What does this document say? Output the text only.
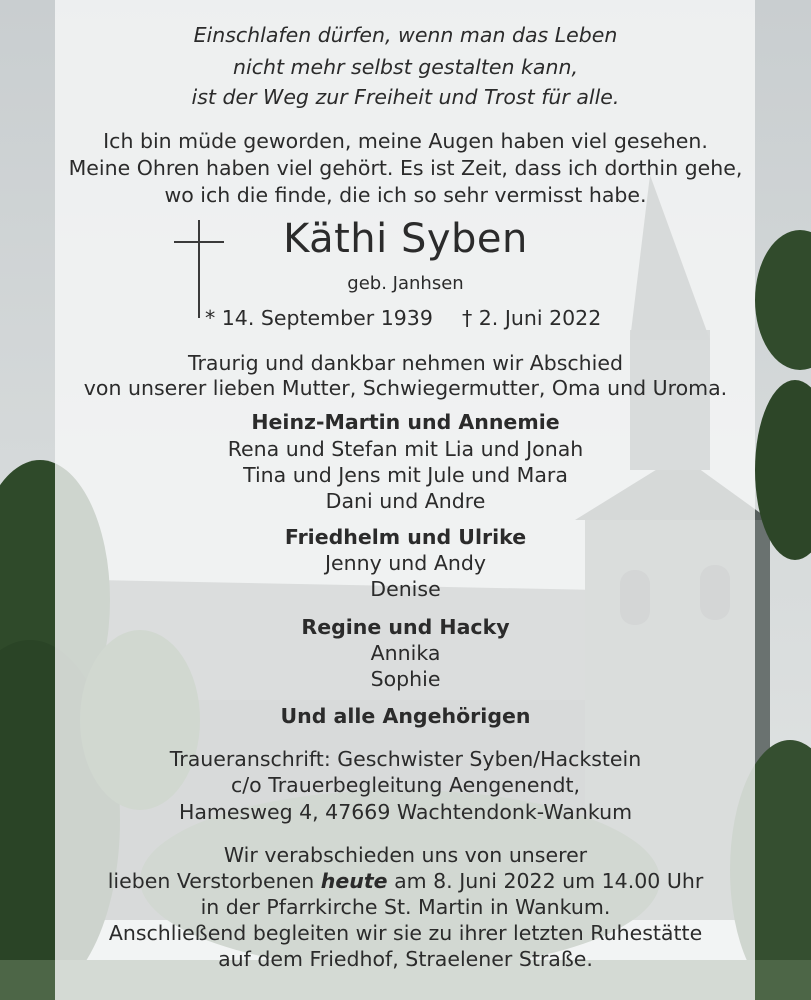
Einschlafen dürfen, wenn man das Leben
nicht mehr selbst gestalten kann,
ist der Weg zur Freiheit und Trost für alle.
Ich bin müde geworden, meine Augen haben viel gesehen.
Meine Ohren haben viel gehört. Es ist Zeit, dass ich dorthin gehe,
wo ich die finde, die ich so sehr vermisst habe.
Käthi Syben
geb. Janhsen
* 14. September 1939 † 2. Juni 2022
Traurig und dankbar nehmen wir Abschied
von unserer lieben Mutter, Schwiegermutter, Oma und Uroma.
Heinz-Martin und Annemie
Rena und Stefan mit Lia und Jonah
Tina und Jens mit Jule und Mara
Dani und Andre
Friedhelm und Ulrike
Jenny und Andy
Denise
Regine und Hacky
Annika
Sophie
Und alle Angehörigen
Traueranschrift: Geschwister Syben/Hackstein
c/o Trauerbegleitung Aengenendt,
Hamesweg 4, 47669 Wachtendonk-Wankum
Wir verabschieden uns von unserer
lieben Verstorbenen heute am 8. Juni 2022 um 14.00 Uhr
in der Pfarrkirche St. Martin in Wankum.
Anschließend begleiten wir sie zu ihrer letzten Ruhestätte
auf dem Friedhof, Straelener Straße.
